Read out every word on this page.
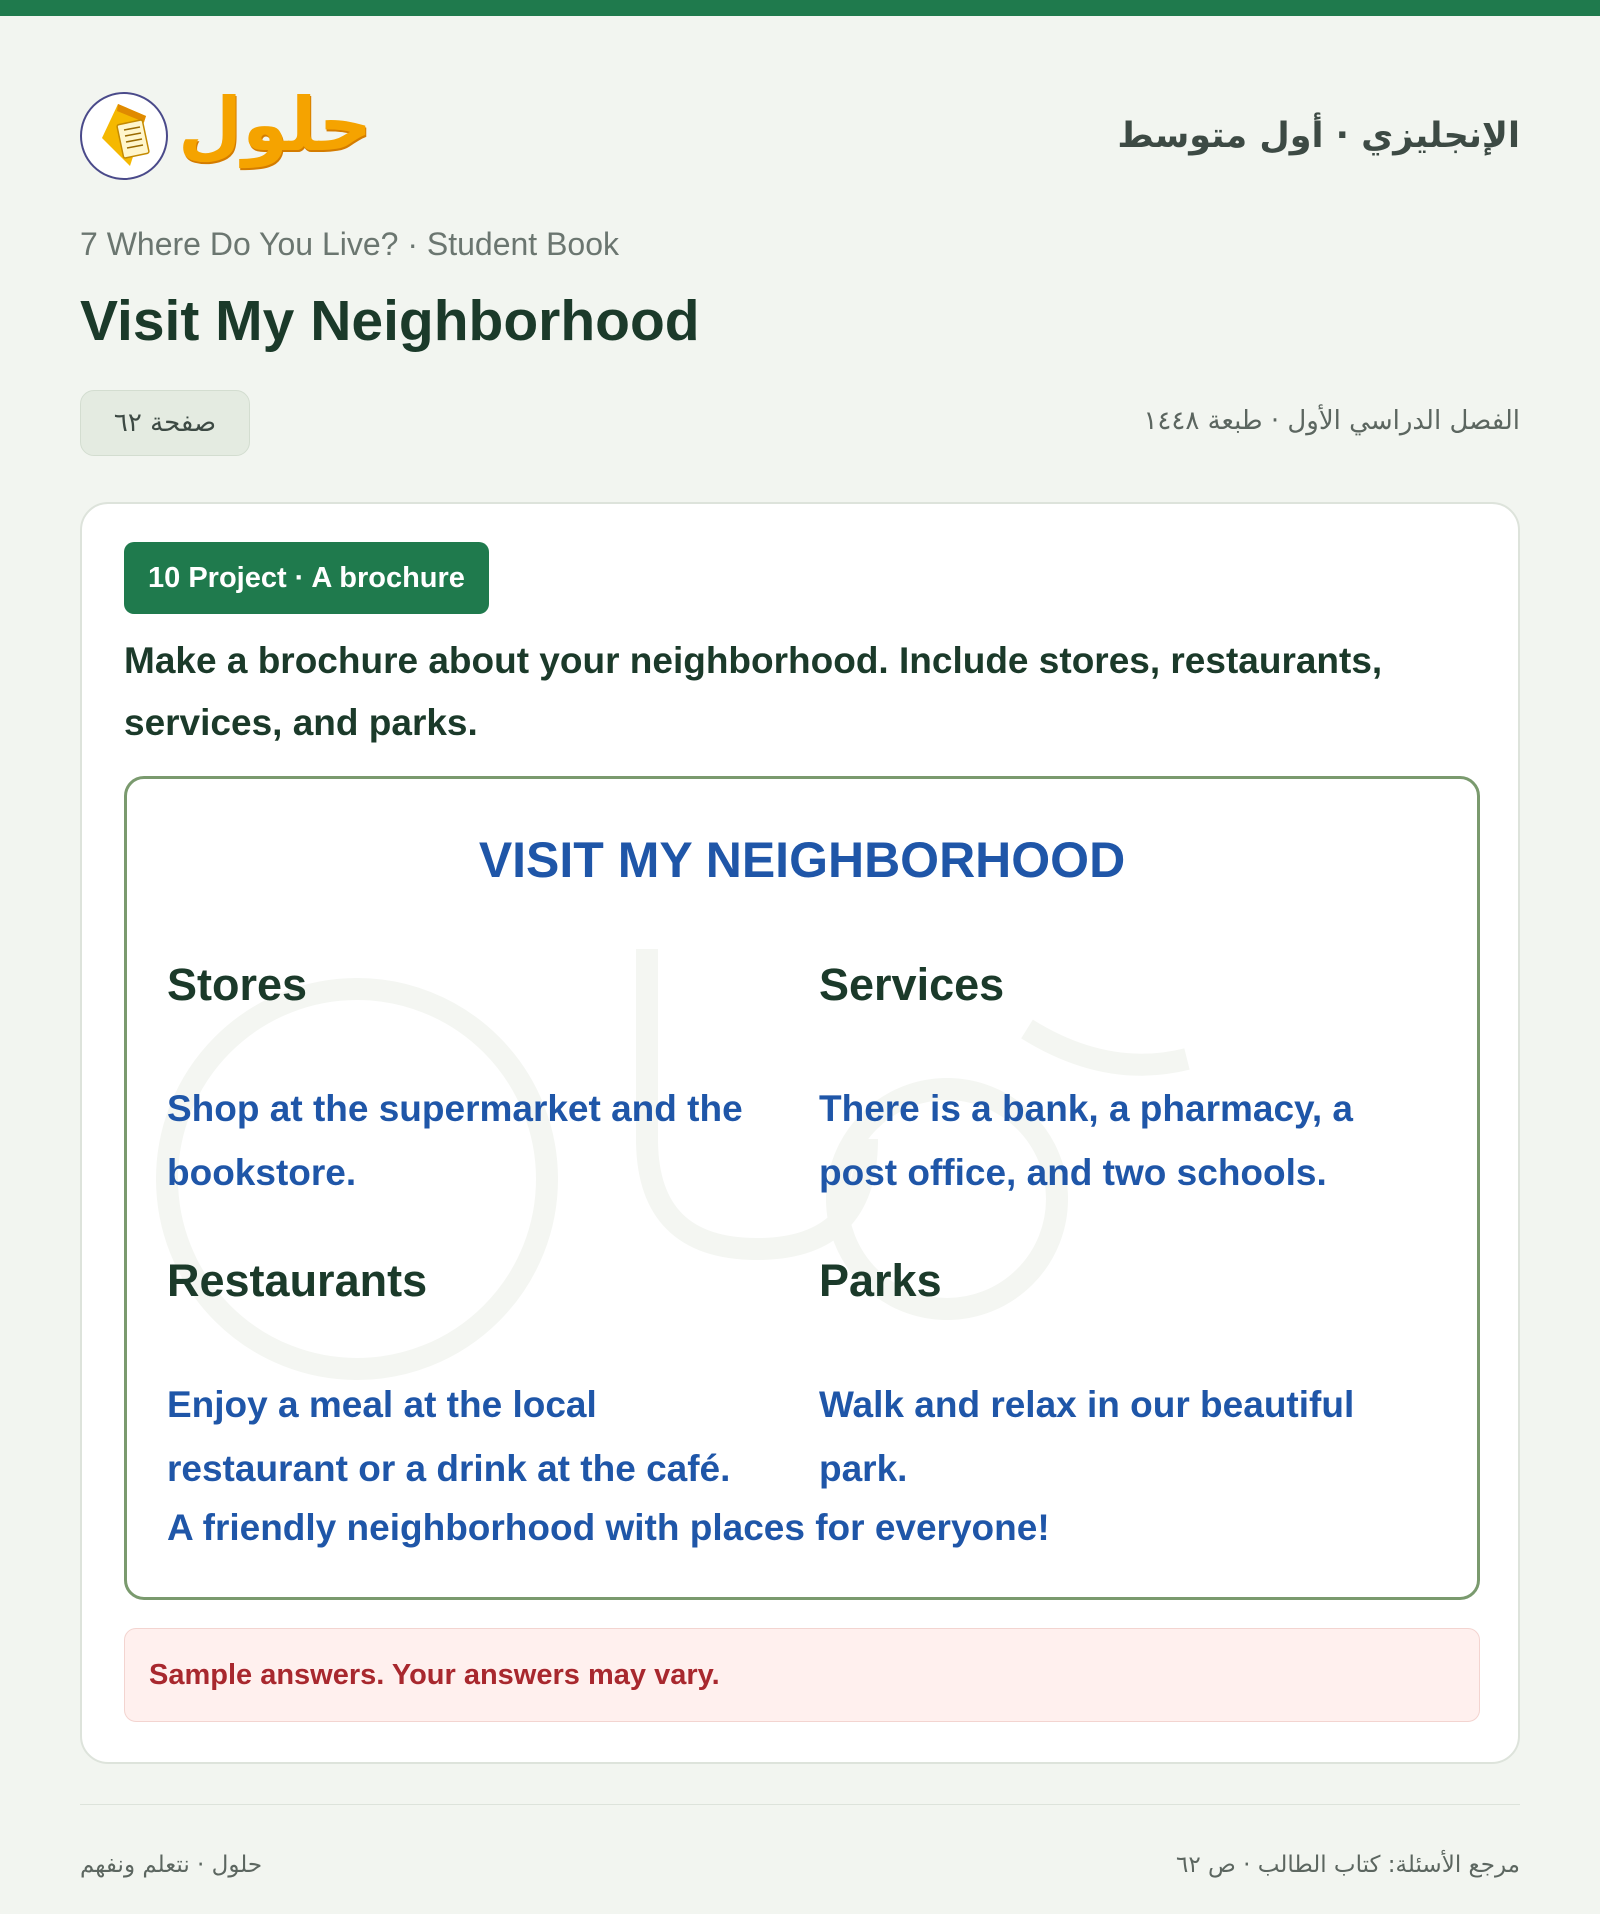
حلول	الإنجليزي · أول متوسط
7 Where Do You Live? · Student Book
Visit My Neighborhood
صفحة ٦٢	الفصل الدراسي الأول · طبعة ١٤٤٨
10 Project · A brochure
Make a brochure about your neighborhood. Include stores, restaurants, services, and parks.
VISIT MY NEIGHBORHOOD
Stores

Shop at the supermarket and the bookstore.

Services

There is a bank, a pharmacy, a post office, and two schools.

Restaurants

Enjoy a meal at the local restaurant or a drink at the café.

Parks

Walk and relax in our beautiful park.

A friendly neighborhood with places for everyone!

Sample answers. Your answers may vary.
حلول · نتعلم ونفهم	مرجع الأسئلة: كتاب الطالب · ص ٦٢
